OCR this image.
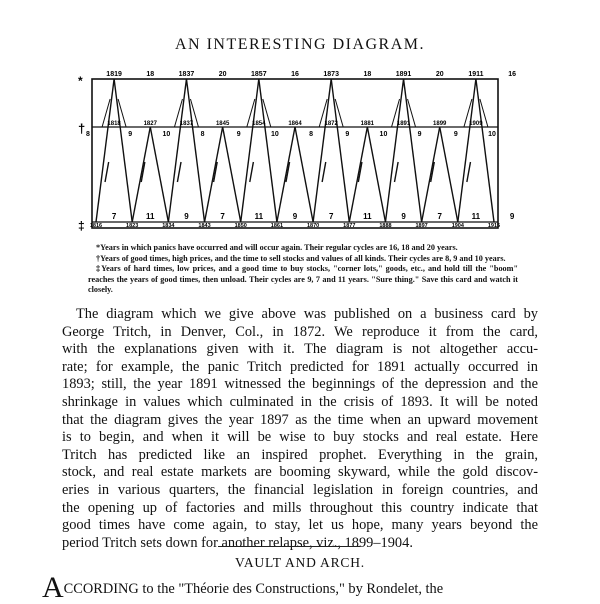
AN INTERESTING DIAGRAM.
*
†
‡
1819	1837	1857	1873	1891	1911
18	20	16	18	20	16
1818	1827	1837	1845	1854	1864	1872	1881	1891	1899	1909
8	9	10	8	9	10	8	9	10	9	9	10
1816	1823	1834	1843	1850	1861	1870	1877	1888	1897	1904	1915
7	11	9	7	11	9	7	11	9	7	11	9
*Years in which panics have occurred and will occur again. Their regular cycles are 16, 18 and 20 years.
†Years of good times, high prices, and the time to sell stocks and values of all kinds. Their cycles are 8, 9 and 10 years.
‡Years of hard times, low prices, and a good time to buy stocks, "corner lots," goods, etc., and hold till the "boom" reaches the years of good times, then unload. Their cycles are 9, 7 and 11 years. "Sure thing." Save this card and watch it closely.
The diagram which we give above was published on a business card by
George Tritch, in Denver, Col., in 1872. We reproduce it from the card,
with the explanations given with it. The diagram is not altogether accu-
rate; for example, the panic Tritch predicted for 1891 actually occurred in
1893; still, the year 1891 witnessed the beginnings of the depression and the
shrinkage in values which culminated in the crisis of 1893. It will be noted
that the diagram gives the year 1897 as the time when an upward movement
is to begin, and when it will be wise to buy stocks and real estate. Here
Tritch has predicted like an inspired prophet. Everything in the grain,
stock, and real estate markets are booming skyward, while the gold discov-
eries in various quarters, the financial legislation in foreign countries, and
the opening up of factories and mills throughout this country indicate that
good times have come again, to stay, let us hope, many years beyond the
period Tritch sets down for another relapse, viz., 1899–1904.
VAULT AND ARCH.
ACCORDING to the "Théorie des Constructions," by Rondelet, the
